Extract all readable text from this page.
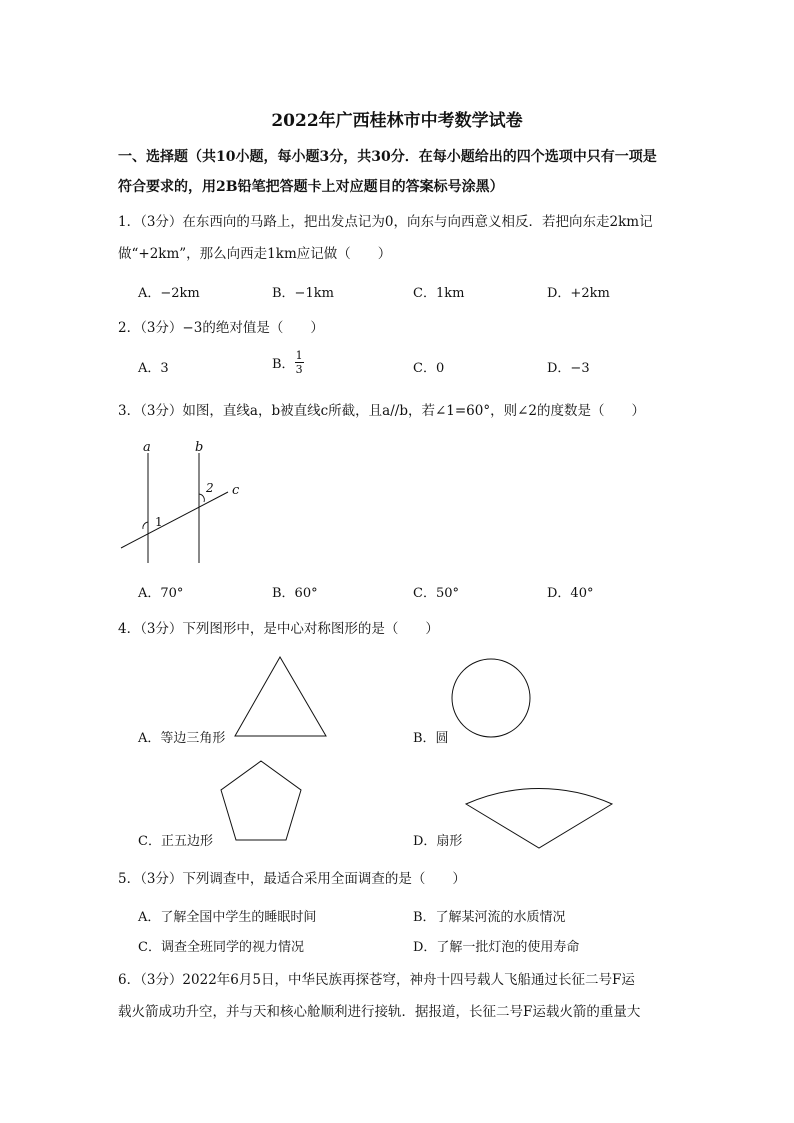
2022年广西桂林市中考数学试卷
一、选择题（共10小题，每小题3分，共30分．在每小题给出的四个选项中只有一项是
符合要求的，用2B铅笔把答题卡上对应题目的答案标号涂黑）
1．（3分）在东西向的马路上，把出发点记为0，向东与向西意义相反．若把向东走2km记
做“+2km”，那么向西走1km应记做（　　）
A．−2km	B．−1km	C．1km	D．+2km
2．（3分）−3的绝对值是（　　）
A．3	B． $\frac{1}{3}$	C．0	D．−3
3．（3分）如图，直线a，b被直线c所截，且a//b，若∠1=60°，则∠2的度数是（　　）
a	b
c
1
2
A．70°	B．60°	C．50°	D．40°
4．（3分）下列图形中，是中心对称图形的是（　　）
A．等边三角形	B．圆
C．正五边形	D．扇形
5．（3分）下列调查中，最适合采用全面调查的是（　　）
A．了解全国中学生的睡眠时间	B．了解某河流的水质情况
C．调查全班同学的视力情况	D．了解一批灯泡的使用寿命
6．（3分）2022年6月5日，中华民族再探苍穹，神舟十四号载人飞船通过长征二号F运
载火箭成功升空，并与天和核心舱顺利进行接轨．据报道，长征二号F运载火箭的重量大
